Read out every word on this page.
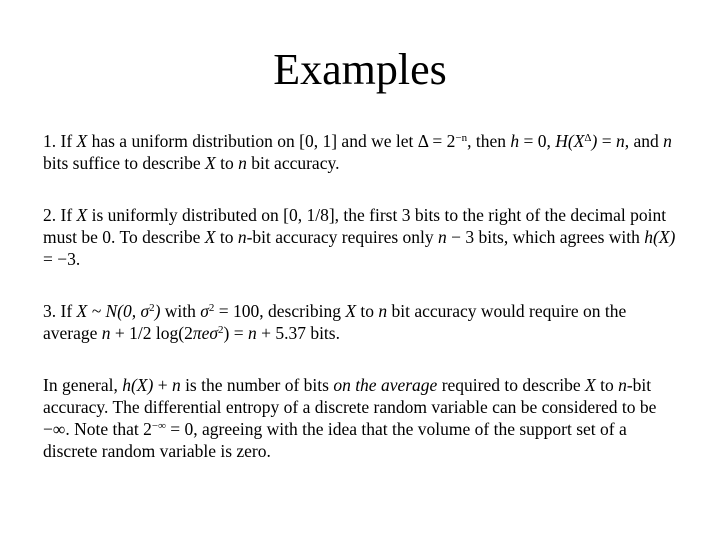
Examples

1. If X has a uniform distribution on [0, 1] and we let $\Delta = 2^{-n}$, then h = 0, $H(X^\Delta) = n$, and n bits suffice to describe X to n bit accuracy.

2. If X is uniformly distributed on [0, 1/8], the first 3 bits to the right of the decimal point must be 0. To describe X to n-bit accuracy requires only n − 3 bits, which agrees with h(X) = −3.

3. If X ~ N(0, $\sigma^2$) with $\sigma^2 = 100$, describing X to n bit accuracy would require on the average n + 1/2 log(2πeσ$^2$) = n + 5.37 bits.

In general, h(X) + n is the number of bits on the average required to describe X to n-bit accuracy. The differential entropy of a discrete random variable can be considered to be −∞. Note that 2−∞ = 0, agreeing with the idea that the volume of the support set of a discrete random variable is zero.
